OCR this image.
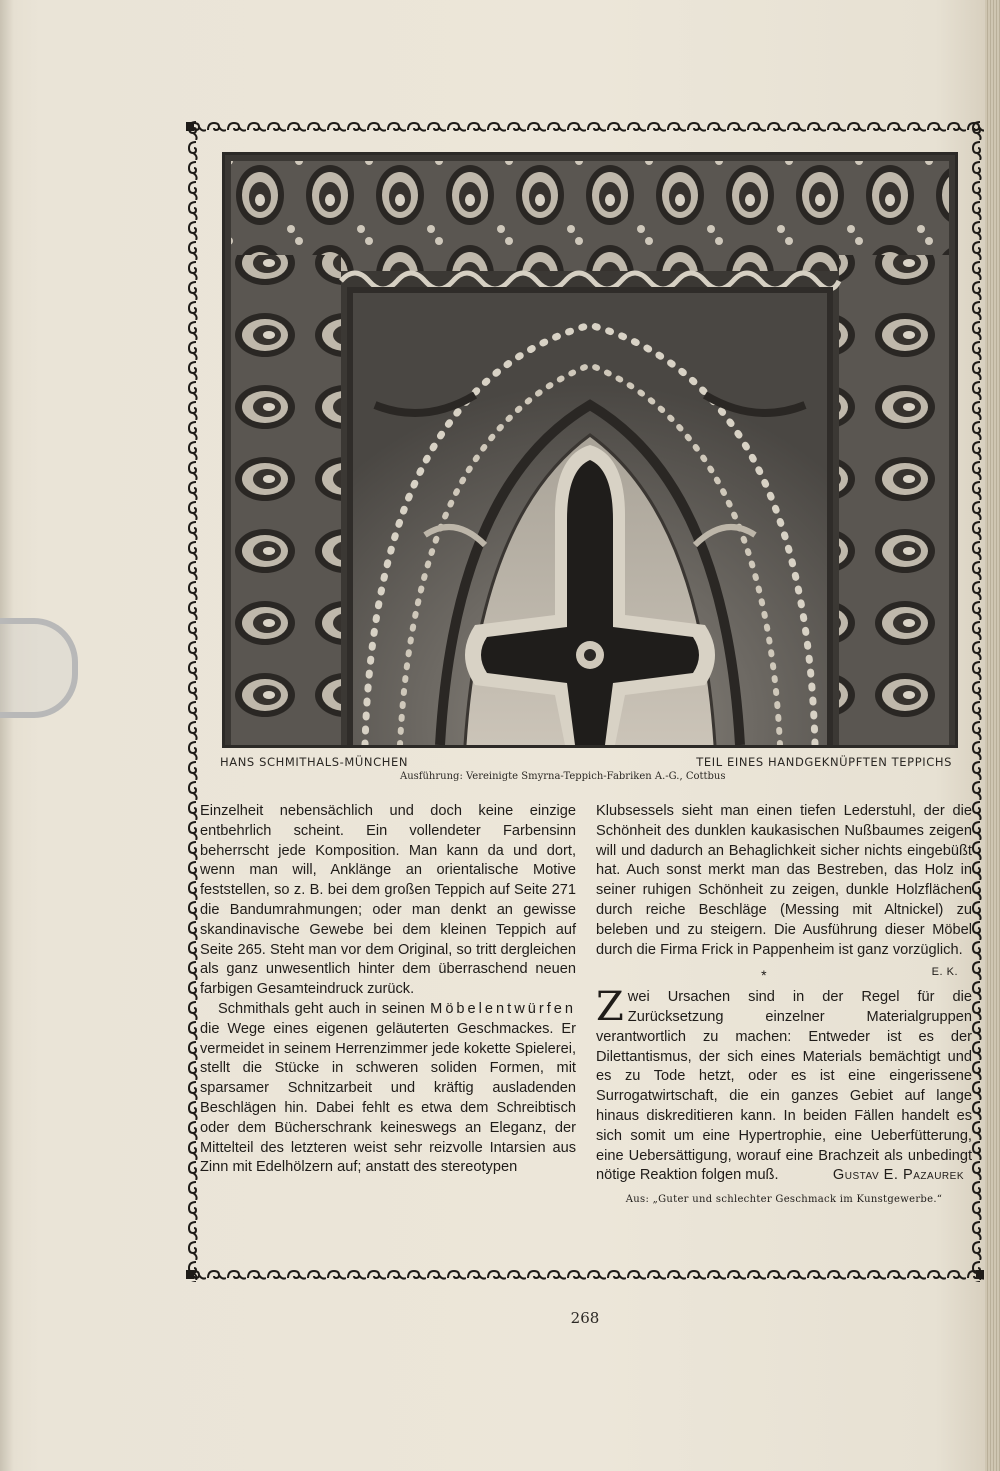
HANS SCHMITHALS-MÜNCHEN	TEIL EINES HANDGEKNÜPFTEN TEPPICHS
Ausführung: Vereinigte Smyrna-Teppich-Fabriken A.-G., Cottbus

Einzelheit nebensächlich und doch keine einzige entbehrlich scheint. Ein vollendeter Farbensinn beherrscht jede Komposition. Man kann da und dort, wenn man will, Anklänge an orientalische Motive feststellen, so z. B. bei dem großen Teppich auf Seite 271 die Bandumrahmungen; oder man denkt an gewisse skandinavische Gewebe bei dem kleinen Teppich auf Seite 265. Steht man vor dem Original, so tritt dergleichen als ganz unwesentlich hinter dem überraschend neuen farbigen Gesamteindruck zurück.

Schmithals geht auch in seinen Möbelentwürfen die Wege eines eigenen geläuterten Geschmackes. Er vermeidet in seinem Herrenzimmer jede kokette Spielerei, stellt die Stücke in schweren soliden Formen, mit sparsamer Schnitzarbeit und kräftig ausladenden Beschlägen hin. Dabei fehlt es etwa dem Schreibtisch oder dem Bücherschrank keineswegs an Eleganz, der Mittelteil des letzteren weist sehr reizvolle Intarsien aus Zinn mit Edelhölzern auf; anstatt des stereotypen

Klubsessels sieht man einen tiefen Lederstuhl, der die Schönheit des dunklen kaukasischen Nußbaumes zeigen will und dadurch an Behaglichkeit sicher nichts eingebüßt hat. Auch sonst merkt man das Bestreben, das Holz in seiner ruhigen Schönheit zu zeigen, dunkle Holzflächen durch reiche Beschläge (Messing mit Altnickel) zu beleben und zu steigern. Die Ausführung dieser Möbel durch die Firma Frick in Pappenheim ist ganz vorzüglich.
E. K.

*

Zwei Ursachen sind in der Regel für die Zurücksetzung einzelner Materialgruppen verantwortlich zu machen: Entweder ist es der Dilettantismus, der sich eines Materials bemächtigt und es zu Tode hetzt, oder es ist eine eingerissene Surrogatwirtschaft, die ein ganzes Gebiet auf lange hinaus diskreditieren kann. In beiden Fällen handelt es sich somit um eine Hypertrophie, eine Ueberfütterung, eine Uebersättigung, worauf eine Brachzeit als unbedingt nötige Reaktion folgen muß.	Gustav E. Pazaurek

Aus: „Guter und schlechter Geschmack im Kunstgewerbe.“
268
